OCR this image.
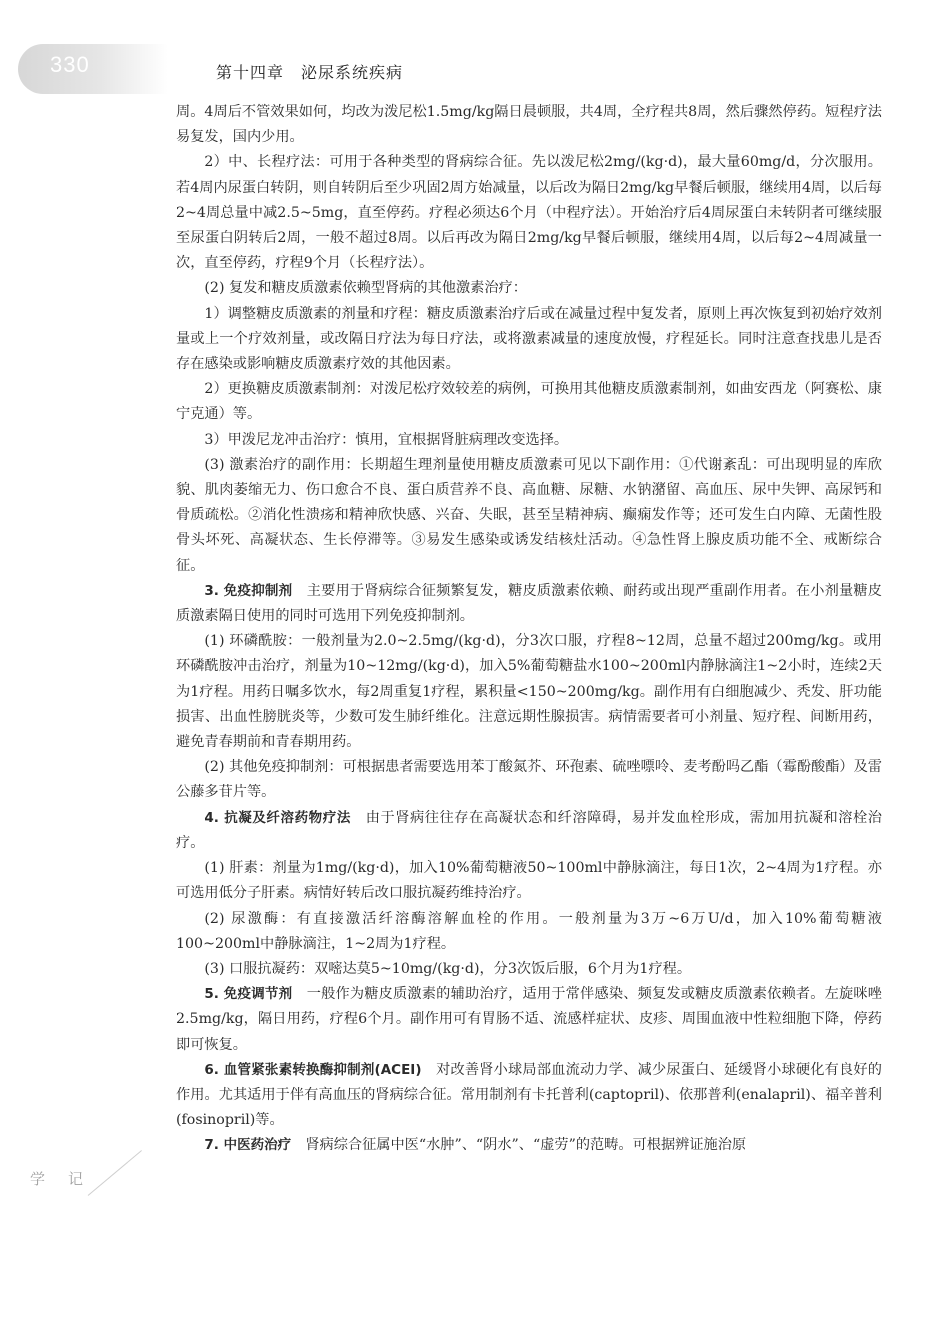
330	第十四章　泌尿系统疾病

周。4周后不管效果如何，均改为泼尼松1.5mg/kg隔日晨顿服，共4周，全疗程共8周，然后骤然停药。短程疗法易复发，国内少用。

2）中、长程疗法：可用于各种类型的肾病综合征。先以泼尼松2mg/(kg·d)，最大量60mg/d，分次服用。若4周内尿蛋白转阴，则自转阴后至少巩固2周方始减量，以后改为隔日2mg/kg早餐后顿服，继续用4周，以后每2~4周总量中减2.5~5mg，直至停药。疗程必须达6个月（中程疗法）。开始治疗后4周尿蛋白未转阴者可继续服至尿蛋白阴转后2周，一般不超过8周。以后再改为隔日2mg/kg早餐后顿服，继续用4周，以后每2~4周减量一次，直至停药，疗程9个月（长程疗法）。

(2) 复发和糖皮质激素依赖型肾病的其他激素治疗：

1）调整糖皮质激素的剂量和疗程：糖皮质激素治疗后或在减量过程中复发者，原则上再次恢复到初始疗效剂量或上一个疗效剂量，或改隔日疗法为每日疗法，或将激素减量的速度放慢，疗程延长。同时注意查找患儿是否存在感染或影响糖皮质激素疗效的其他因素。

2）更换糖皮质激素制剂：对泼尼松疗效较差的病例，可换用其他糖皮质激素制剂，如曲安西龙（阿赛松、康宁克通）等。

3）甲泼尼龙冲击治疗：慎用，宜根据肾脏病理改变选择。

(3) 激素治疗的副作用：长期超生理剂量使用糖皮质激素可见以下副作用：①代谢紊乱：可出现明显的库欣貌、肌肉萎缩无力、伤口愈合不良、蛋白质营养不良、高血糖、尿糖、水钠潴留、高血压、尿中失钾、高尿钙和骨质疏松。②消化性溃疡和精神欣快感、兴奋、失眠，甚至呈精神病、癫痫发作等；还可发生白内障、无菌性股骨头坏死、高凝状态、生长停滞等。③易发生感染或诱发结核灶活动。④急性肾上腺皮质功能不全、戒断综合征。

3. 免疫抑制剂　主要用于肾病综合征频繁复发，糖皮质激素依赖、耐药或出现严重副作用者。在小剂量糖皮质激素隔日使用的同时可选用下列免疫抑制剂。

(1) 环磷酰胺：一般剂量为2.0~2.5mg/(kg·d)，分3次口服，疗程8~12周，总量不超过200mg/kg。或用环磷酰胺冲击治疗，剂量为10~12mg/(kg·d)，加入5%葡萄糖盐水100~200ml内静脉滴注1~2小时，连续2天为1疗程。用药日嘱多饮水，每2周重复1疗程，累积量<150~200mg/kg。副作用有白细胞减少、秃发、肝功能损害、出血性膀胱炎等，少数可发生肺纤维化。注意远期性腺损害。病情需要者可小剂量、短疗程、间断用药，避免青春期前和青春期用药。

(2) 其他免疫抑制剂：可根据患者需要选用苯丁酸氮芥、环孢素、硫唑嘌呤、麦考酚吗乙酯（霉酚酸酯）及雷公藤多苷片等。

4. 抗凝及纤溶药物疗法　由于肾病往往存在高凝状态和纤溶障碍，易并发血栓形成，需加用抗凝和溶栓治疗。

(1) 肝素：剂量为1mg/(kg·d)，加入10%葡萄糖液50~100ml中静脉滴注，每日1次，2~4周为1疗程。亦可选用低分子肝素。病情好转后改口服抗凝药维持治疗。

(2) 尿激酶：有直接激活纤溶酶溶解血栓的作用。一般剂量为3万~6万U/d，加入10%葡萄糖液100~200ml中静脉滴注，1~2周为1疗程。

(3) 口服抗凝药：双嘧达莫5~10mg/(kg·d)，分3次饭后服，6个月为1疗程。

5. 免疫调节剂　一般作为糖皮质激素的辅助治疗，适用于常伴感染、频复发或糖皮质激素依赖者。左旋咪唑2.5mg/kg，隔日用药，疗程6个月。副作用可有胃肠不适、流感样症状、皮疹、周围血液中性粒细胞下降，停药即可恢复。

6. 血管紧张素转换酶抑制剂(ACEI)　对改善肾小球局部血流动力学、减少尿蛋白、延缓肾小球硬化有良好的作用。尤其适用于伴有高血压的肾病综合征。常用制剂有卡托普利(captopril)、依那普利(enalapril)、福辛普利(fosinopril)等。

7. 中医药治疗　肾病综合征属中医“水肿”、“阴水”、“虚劳”的范畴。可根据辨证施治原

学　记
